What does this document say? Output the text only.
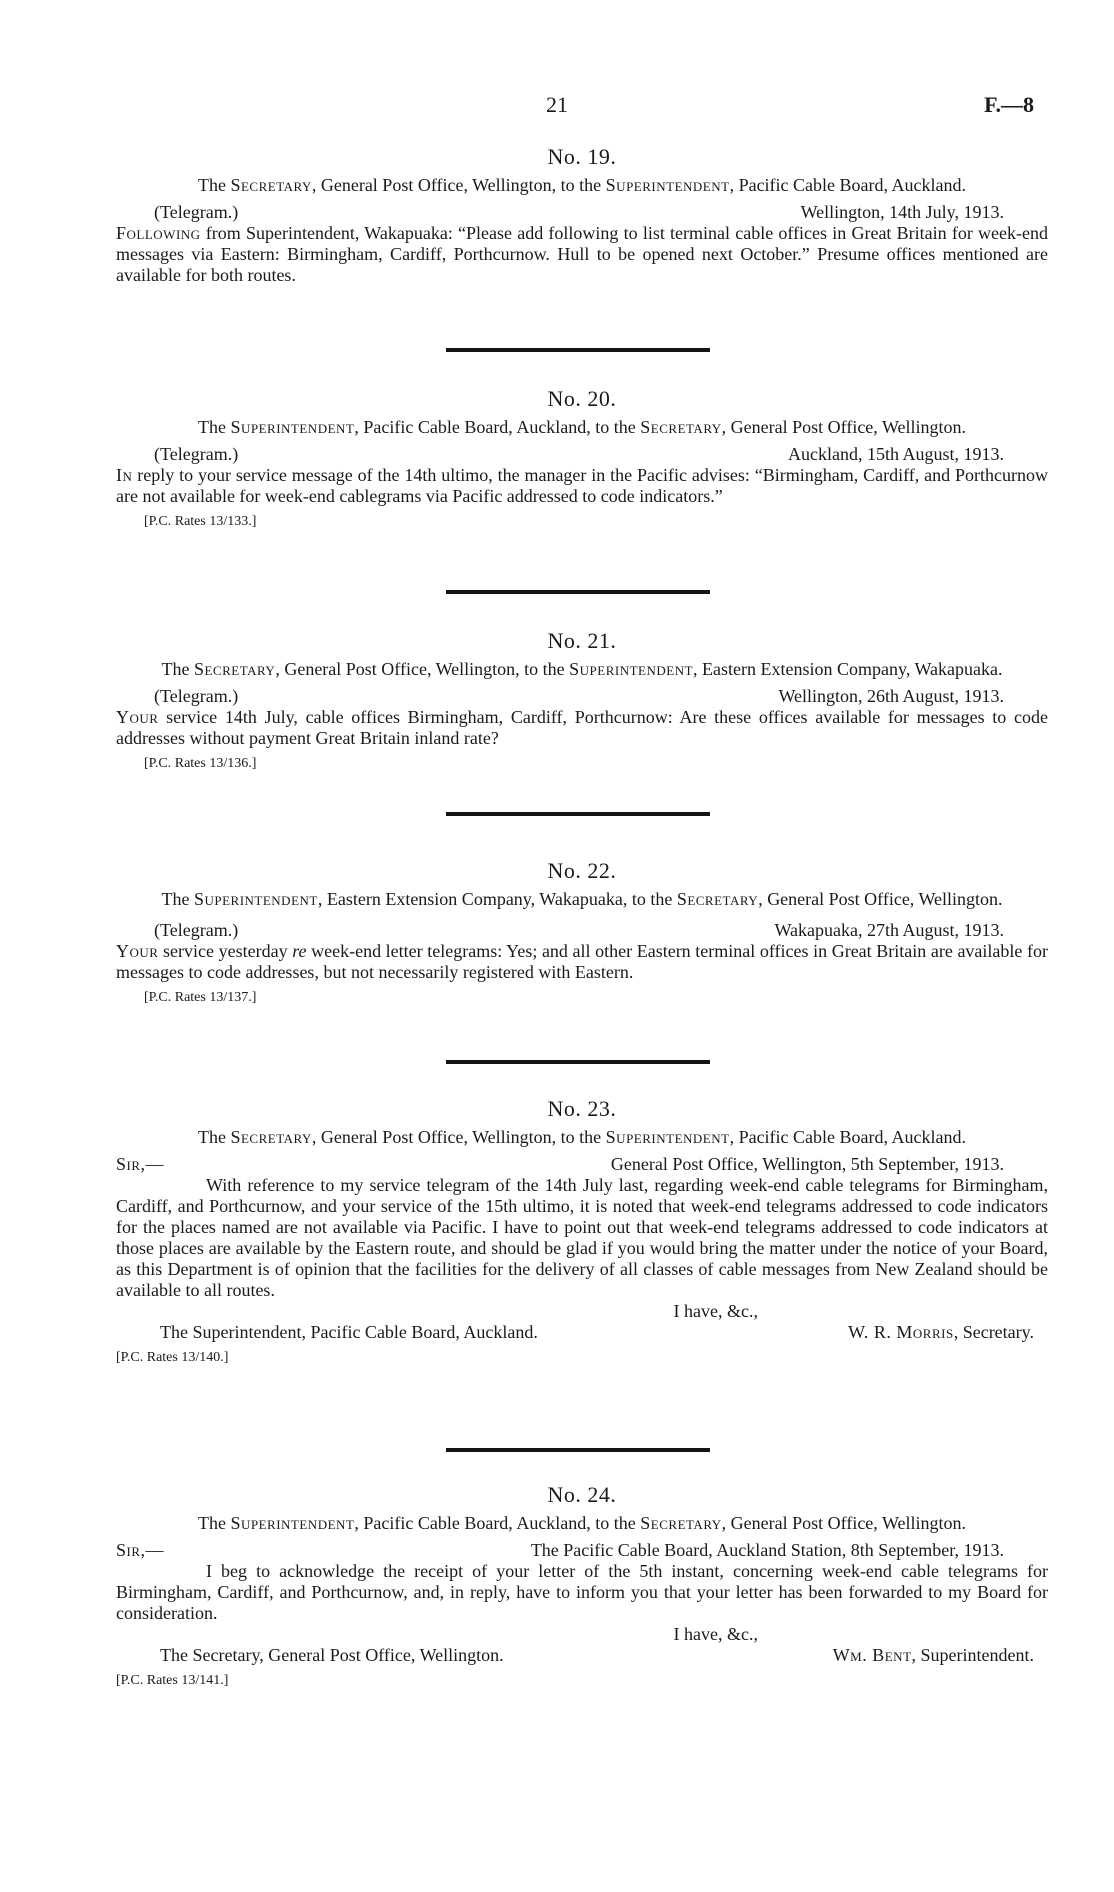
21	F.—8
No. 19.
The Secretary, General Post Office, Wellington, to the Superintendent, Pacific Cable Board, Auckland.
(Telegram.)	Wellington, 14th July, 1913.
Following from Superintendent, Wakapuaka: “Please add following to list terminal cable offices in Great Britain for week-end messages via Eastern: Birmingham, Cardiff, Porthcurnow. Hull to be opened next October.” Presume offices mentioned are available for both routes.
No. 20.
The Superintendent, Pacific Cable Board, Auckland, to the Secretary, General Post Office, Wellington.
(Telegram.)	Auckland, 15th August, 1913.
In reply to your service message of the 14th ultimo, the manager in the Pacific advises: “Birmingham, Cardiff, and Porthcurnow are not available for week-end cablegrams via Pacific addressed to code indicators.”
[P.C. Rates 13/133.]
No. 21.
The Secretary, General Post Office, Wellington, to the Superintendent, Eastern Extension Company, Wakapuaka.
(Telegram.)	Wellington, 26th August, 1913.
Your service 14th July, cable offices Birmingham, Cardiff, Porthcurnow: Are these offices available for messages to code addresses without payment Great Britain inland rate?
[P.C. Rates 13/136.]
No. 22.
The Superintendent, Eastern Extension Company, Wakapuaka, to the Secretary, General Post Office, Wellington.
(Telegram.)	Wakapuaka, 27th August, 1913.
Your service yesterday re week-end letter telegrams: Yes; and all other Eastern terminal offices in Great Britain are available for messages to code addresses, but not necessarily registered with Eastern.
[P.C. Rates 13/137.]
No. 23.
The Secretary, General Post Office, Wellington, to the Superintendent, Pacific Cable Board, Auckland.
Sir,—	General Post Office, Wellington, 5th September, 1913.
With reference to my service telegram of the 14th July last, regarding week-end cable telegrams for Birmingham, Cardiff, and Porthcurnow, and your service of the 15th ultimo, it is noted that week-end telegrams addressed to code indicators for the places named are not available via Pacific. I have to point out that week-end telegrams addressed to code indicators at those places are available by the Eastern route, and should be glad if you would bring the matter under the notice of your Board, as this Department is of opinion that the facilities for the delivery of all classes of cable messages from New Zealand should be available to all routes.
I have, &c.,
The Superintendent, Pacific Cable Board, Auckland.	W. R. Morris, Secretary.
[P.C. Rates 13/140.]
No. 24.
The Superintendent, Pacific Cable Board, Auckland, to the Secretary, General Post Office, Wellington.
Sir,—	The Pacific Cable Board, Auckland Station, 8th September, 1913.
I beg to acknowledge the receipt of your letter of the 5th instant, concerning week-end cable telegrams for Birmingham, Cardiff, and Porthcurnow, and, in reply, have to inform you that your letter has been forwarded to my Board for consideration.
I have, &c.,
The Secretary, General Post Office, Wellington.	Wm. Bent, Superintendent.
[P.C. Rates 13/141.]
